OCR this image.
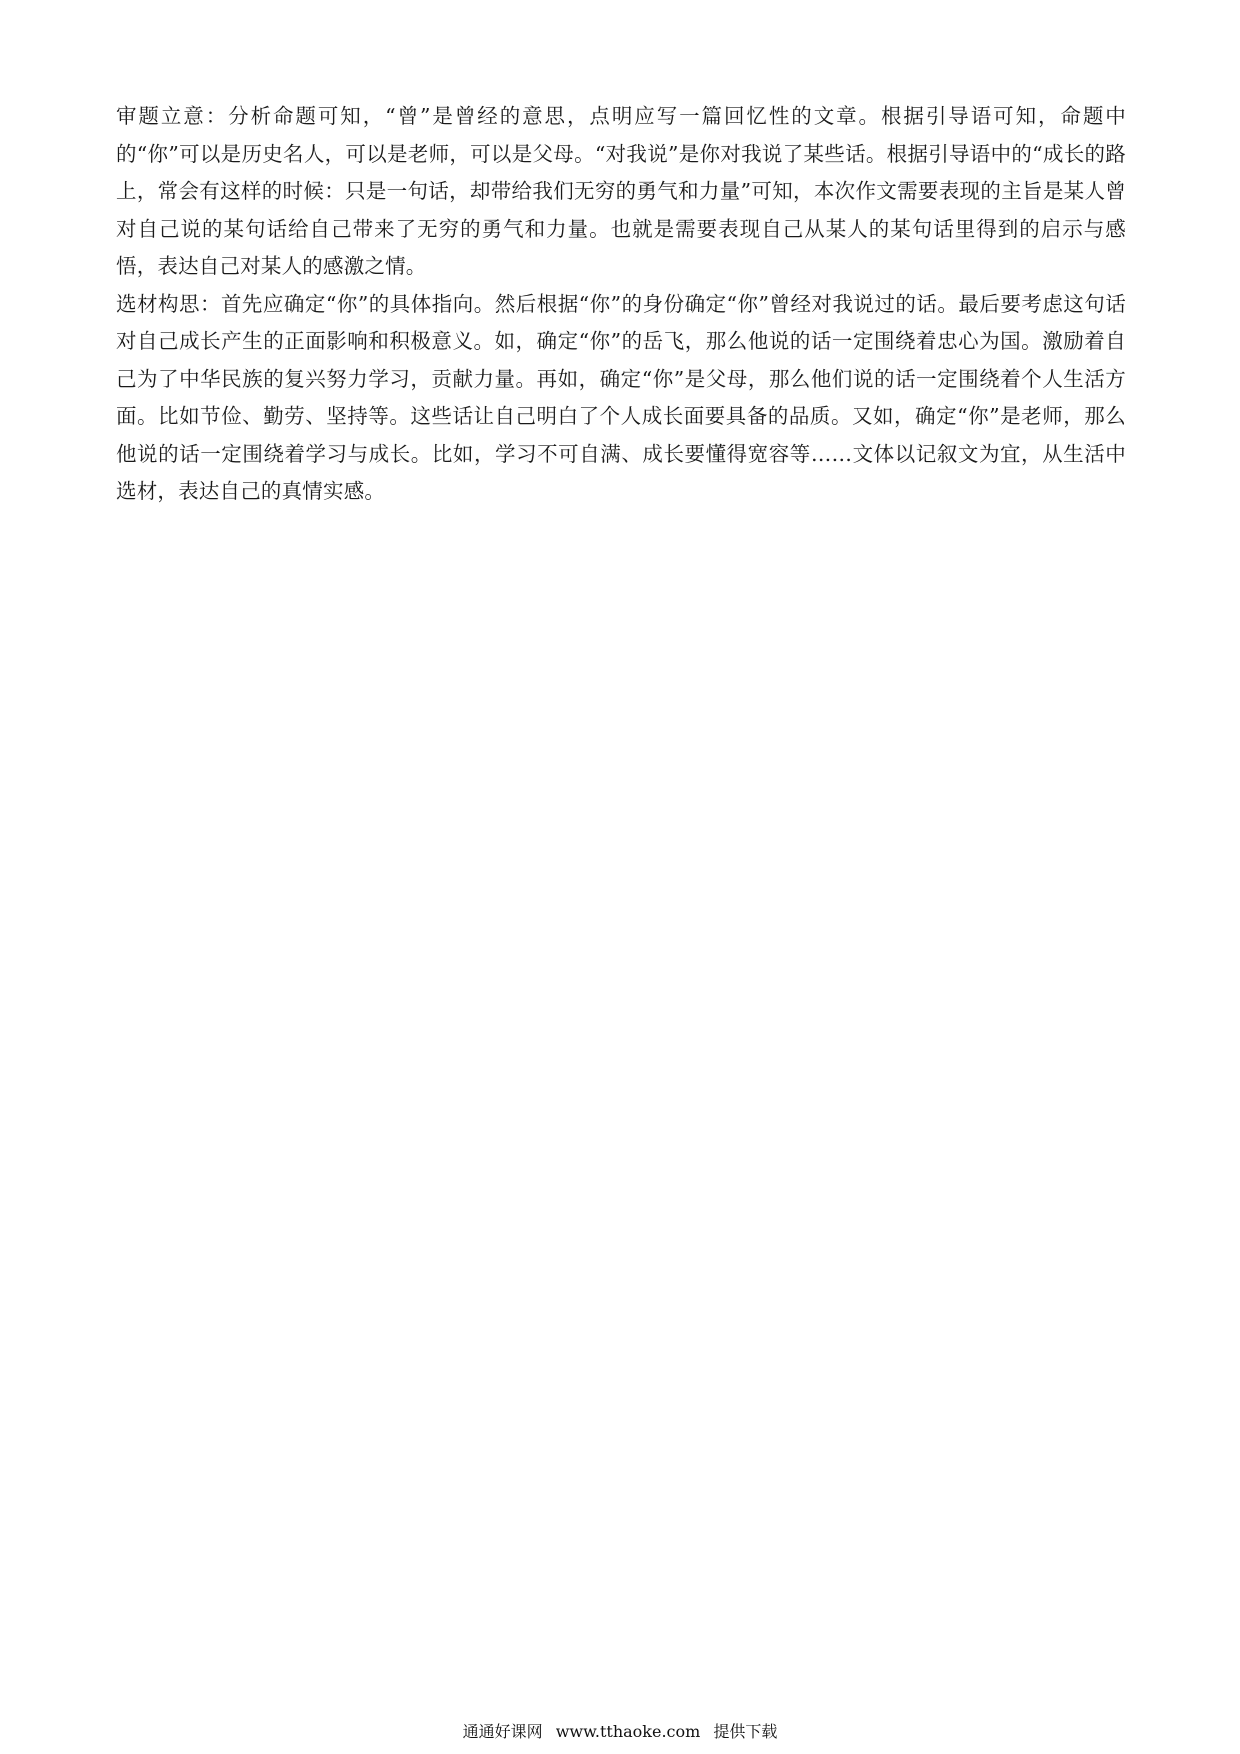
审题立意：分析命题可知，“曾”是曾经的意思，点明应写一篇回忆性的文章。根据引导语可知，命题中的“你”可以是历史名人，可以是老师，可以是父母。“对我说”是你对我说了某些话。根据引导语中的“成长的路上，常会有这样的时候：只是一句话，却带给我们无穷的勇气和力量”可知，本次作文需要表现的主旨是某人曾对自己说的某句话给自己带来了无穷的勇气和力量。也就是需要表现自己从某人的某句话里得到的启示与感悟，表达自己对某人的感激之情。

选材构思：首先应确定“你”的具体指向。然后根据“你”的身份确定“你”曾经对我说过的话。最后要考虑这句话对自己成长产生的正面影响和积极意义。如，确定“你”的岳飞，那么他说的话一定围绕着忠心为国。激励着自己为了中华民族的复兴努力学习，贡献力量。再如，确定“你”是父母，那么他们说的话一定围绕着个人生活方面。比如节俭、勤劳、坚持等。这些话让自己明白了个人成长面要具备的品质。又如，确定“你”是老师，那么他说的话一定围绕着学习与成长。比如，学习不可自满、成长要懂得宽容等……文体以记叙文为宜，从生活中选材，表达自己的真情实感。

通通好课网 www.tthaoke.com 提供下载
